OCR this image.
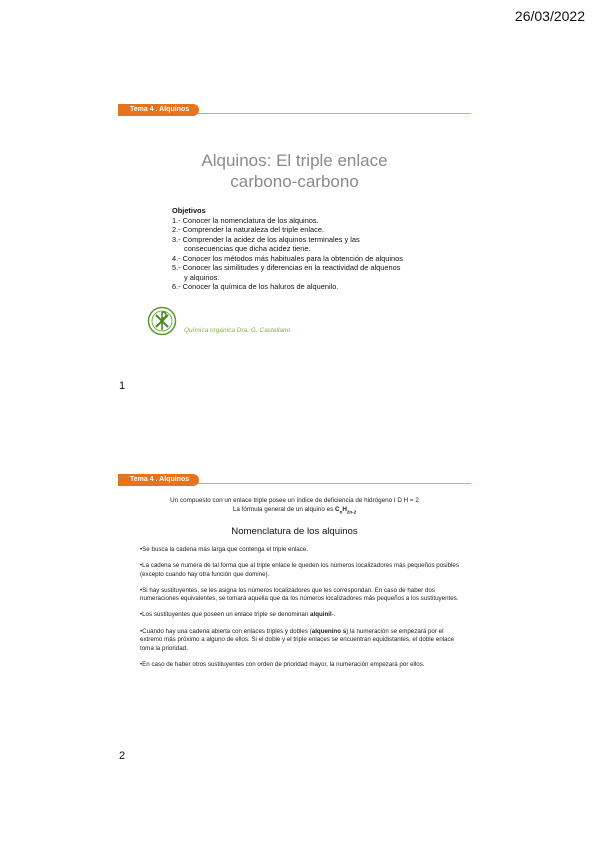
26/03/2022
Tema 4 . Alquinos
Alquinos: El triple enlace
carbono-carbono
Objetivos
1.- Conocer la nomenclatura de los alquinos.
2.- Comprender la naturaleza del triple enlace.
3.- Comprender la acidez de los alquinos terminales y las
consecuencias que dicha acidez tiene.
4.- Conocer los métodos más habituales para la obtención de alquinos
5.- Conocer las similitudes y diferencias en la reactividad de alquenos
y alquinos.
6.- Conocer la química de los haluros de alquenilo.
Química orgánica Dra. G. Castellano
1
Tema 4 . Alquinos
Un compuesto con un enlace triple posee un índice de deficiencia de hidrógeno I D H = 2
La fórmula general de un alquino es $C_nH_{2n-2}$
Nomenclatura de los alquinos

•Se busca la cadena más larga que contenga el triple enlace.

•La cadena se numera de tal forma que al triple enlace le queden los números localizadores más pequeños posibles (excepto cuando hay otra función que domine).

•Si hay sustituyentes, se les asigna los números localizadores que les correspondan. En caso de haber dos numeraciones equivalentes, se tomará aquella que da los números localizadores más pequeños a los sustituyentes.

•Los sustituyentes que poseen un enlace triple se denominan alquinil-.

•Cuando hay una cadena abierta con enlaces triples y dobles (alquenino s) la numeración se empezará por el extremo más próximo a alguno de ellos. Si el doble y el triple enlaces se encuentran equidistantes, el doble enlace toma la prioridad.

•En caso de haber otros sustituyentes con orden de prioridad mayor, la numeración empezará por ellos.

2
